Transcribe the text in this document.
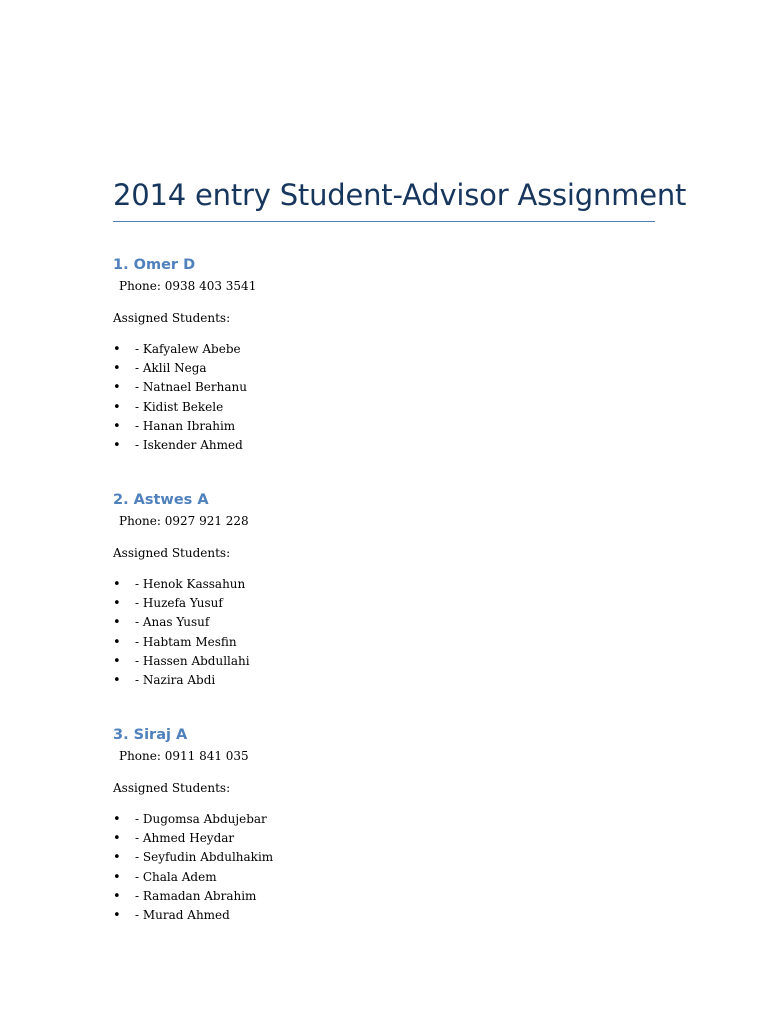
2014 entry Student-Advisor Assignment
1. Omer D
Phone: 0938 403 3541
Assigned Students:
• - Kafyalew Abebe
• - Aklil Nega
• - Natnael Berhanu
• - Kidist Bekele
• - Hanan Ibrahim
• - Iskender Ahmed
2. Astwes A
Phone: 0927 921 228
Assigned Students:
• - Henok Kassahun
• - Huzefa Yusuf
• - Anas Yusuf
• - Habtam Mesfin
• - Hassen Abdullahi
• - Nazira Abdi
3. Siraj A
Phone: 0911 841 035
Assigned Students:
• - Dugomsa Abdujebar
• - Ahmed Heydar
• - Seyfudin Abdulhakim
• - Chala Adem
• - Ramadan Abrahim
• - Murad Ahmed
